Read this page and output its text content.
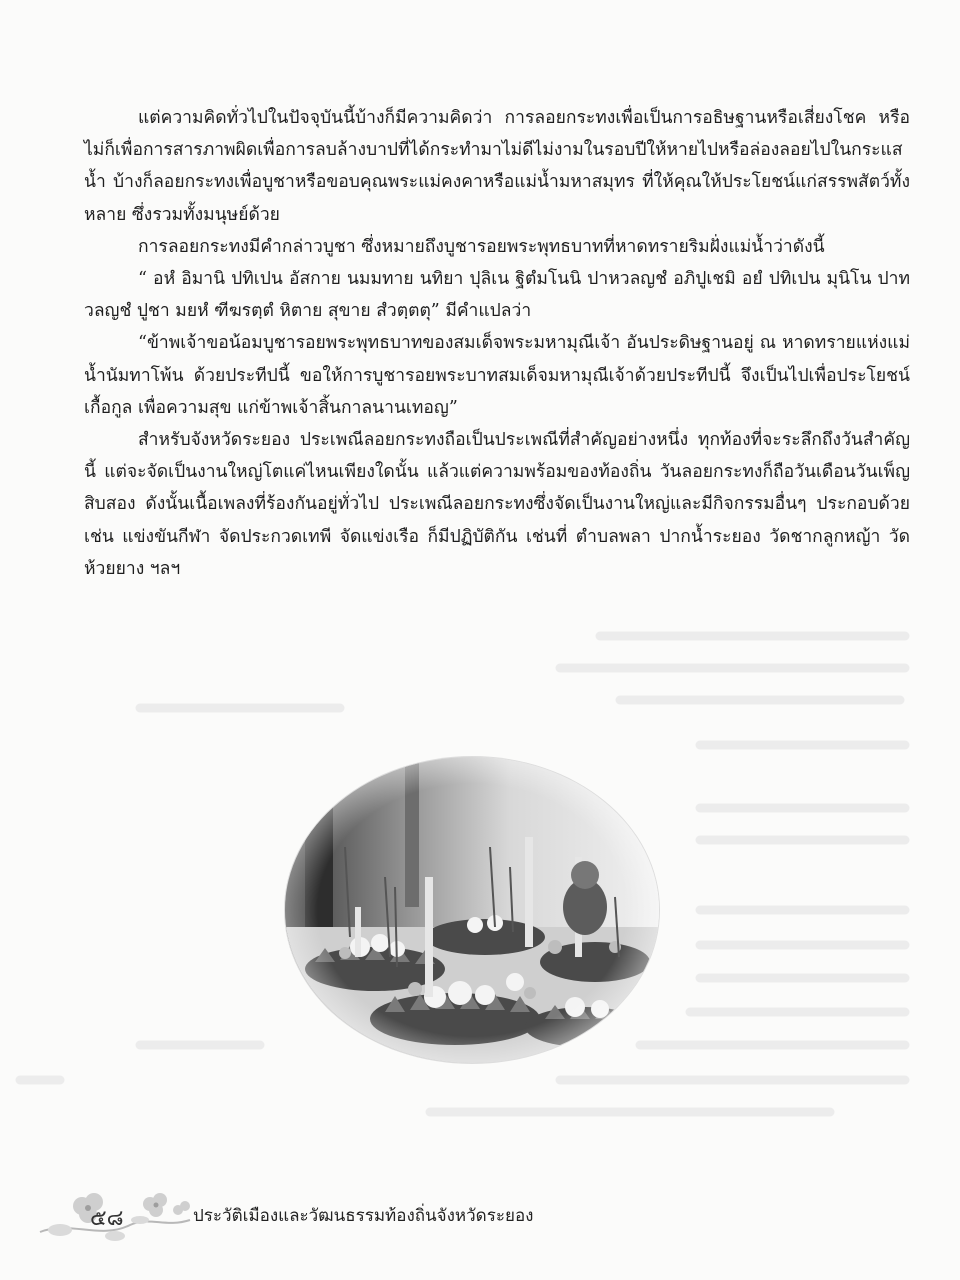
แต่ความคิดทั่วไปในปัจจุบันนี้บ้างก็มีความคิดว่า การลอยกระทงเพื่อเป็นการอธิษฐานหรือเสี่ยงโชค หรือไม่ก็เพื่อการสารภาพผิดเพื่อการลบล้างบาปที่ได้กระทำมาไม่ดีไม่งามในรอบปีให้หายไปหรือล่องลอยไปในกระแสน้ำ บ้างก็ลอยกระทงเพื่อบูชาหรือขอบคุณพระแม่คงคาหรือแม่น้ำมหาสมุทร ที่ให้คุณให้ประโยชน์แก่สรรพสัตว์ทั้งหลาย ซึ่งรวมทั้งมนุษย์ด้วย

การลอยกระทงมีคำกล่าวบูชา ซึ่งหมายถึงบูชารอยพระพุทธบาทที่หาดทรายริมฝั่งแม่น้ำว่าดังนี้

“ อหํ อิมานิ ปทิเปน อัสกาย นมมทาย นทิยา ปุลิเน ฐิตํมโนนิ ปาหวลญชํ อภิปูเชมิ อยํ ปทิเปน มุนิโน ปาทวลญชํ ปูชา มยหํ ฑีฆรตฺตํ หิตาย สุขาย สํวตฺตตุ” มีคำแปลว่า

“ข้าพเจ้าขอน้อมบูชารอยพระพุทธบาทของสมเด็จพระมหามุณีเจ้า อันประดิษฐานอยู่ ณ หาดทรายแห่งแม่น้ำนัมทาโพ้น ด้วยประทีปนี้ ขอให้การบูชารอยพระบาทสมเด็จมหามุณีเจ้าด้วยประทีปนี้ จึงเป็นไปเพื่อประโยชน์เกื้อกูล เพื่อความสุข แก่ข้าพเจ้าสิ้นกาลนานเทอญ”

สำหรับจังหวัดระยอง ประเพณีลอยกระทงถือเป็นประเพณีที่สำคัญอย่างหนึ่ง ทุกท้องที่จะระลึกถึงวันสำคัญนี้ แต่จะจัดเป็นงานใหญ่โตแค่ไหนเพียงใดนั้น แล้วแต่ความพร้อมของท้องถิ่น วันลอยกระทงก็ถือวันเดือนวันเพ็ญสิบสอง ดังนั้นเนื้อเพลงที่ร้องกันอยู่ทั่วไป ประเพณีลอยกระทงซึ่งจัดเป็นงานใหญ่และมีกิจกรรมอื่นๆ ประกอบด้วยเช่น แข่งขันกีฬา จัดประกวดเทพี จัดแข่งเรือ ก็มีปฏิบัติกัน เช่นที่ ตำบลพลา ปากน้ำระยอง วัดชากลูกหญ้า วัดห้วยยาง ฯลฯ

๕๘	ประวัติเมืองและวัฒนธรรมท้องถิ่นจังหวัดระยอง
